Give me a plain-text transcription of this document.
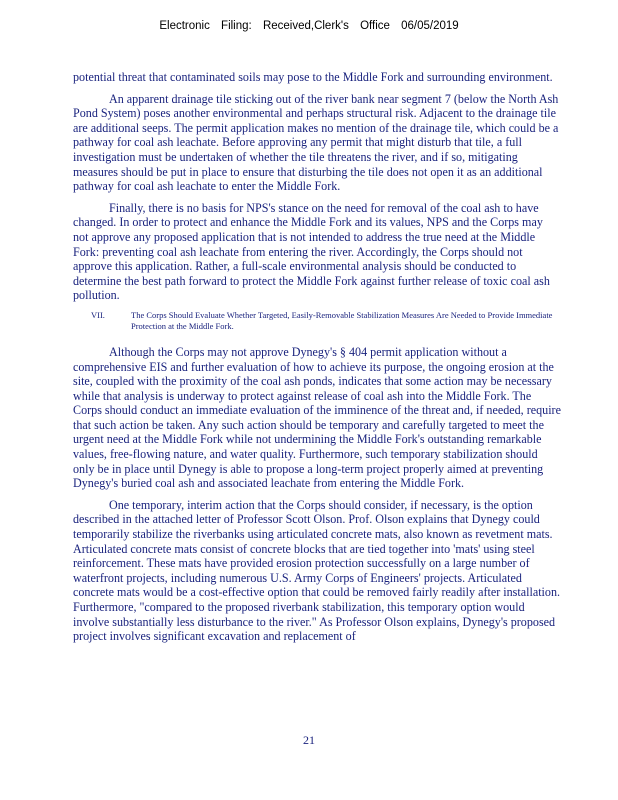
Electronic Filing: Received,Clerk's Office 06/05/2019

potential threat that contaminated soils may pose to the Middle Fork and surrounding environment.

An apparent drainage tile sticking out of the river bank near segment 7 (below the North Ash Pond System) poses another environmental and perhaps structural risk. Adjacent to the drainage tile are additional seeps. The permit application makes no mention of the drainage tile, which could be a pathway for coal ash leachate. Before approving any permit that might disturb that tile, a full investigation must be undertaken of whether the tile threatens the river, and if so, mitigating measures should be put in place to ensure that disturbing the tile does not open it as an additional pathway for coal ash leachate to enter the Middle Fork.

Finally, there is no basis for NPS's stance on the need for removal of the coal ash to have changed. In order to protect and enhance the Middle Fork and its values, NPS and the Corps may not approve any proposed application that is not intended to address the true need at the Middle Fork: preventing coal ash leachate from entering the river. Accordingly, the Corps should not approve this application. Rather, a full-scale environmental analysis should be conducted to determine the best path forward to protect the Middle Fork against further release of toxic coal ash pollution.

VII.	The Corps Should Evaluate Whether Targeted, Easily-Removable Stabilization Measures Are Needed to Provide Immediate Protection at the Middle Fork.

Although the Corps may not approve Dynegy's § 404 permit application without a comprehensive EIS and further evaluation of how to achieve its purpose, the ongoing erosion at the site, coupled with the proximity of the coal ash ponds, indicates that some action may be necessary while that analysis is underway to protect against release of coal ash into the Middle Fork. The Corps should conduct an immediate evaluation of the imminence of the threat and, if needed, require that such action be taken. Any such action should be temporary and carefully targeted to meet the urgent need at the Middle Fork while not undermining the Middle Fork's outstanding remarkable values, free-flowing nature, and water quality. Furthermore, such temporary stabilization should only be in place until Dynegy is able to propose a long-term project properly aimed at preventing Dynegy's buried coal ash and associated leachate from entering the Middle Fork.

One temporary, interim action that the Corps should consider, if necessary, is the option described in the attached letter of Professor Scott Olson. Prof. Olson explains that Dynegy could temporarily stabilize the riverbanks using articulated concrete mats, also known as revetment mats. Articulated concrete mats consist of concrete blocks that are tied together into 'mats' using steel reinforcement. These mats have provided erosion protection successfully on a large number of waterfront projects, including numerous U.S. Army Corps of Engineers' projects. Articulated concrete mats would be a cost-effective option that could be removed fairly readily after installation. Furthermore, "compared to the proposed riverbank stabilization, this temporary option would involve substantially less disturbance to the river." As Professor Olson explains, Dynegy's proposed project involves significant excavation and replacement of

21
